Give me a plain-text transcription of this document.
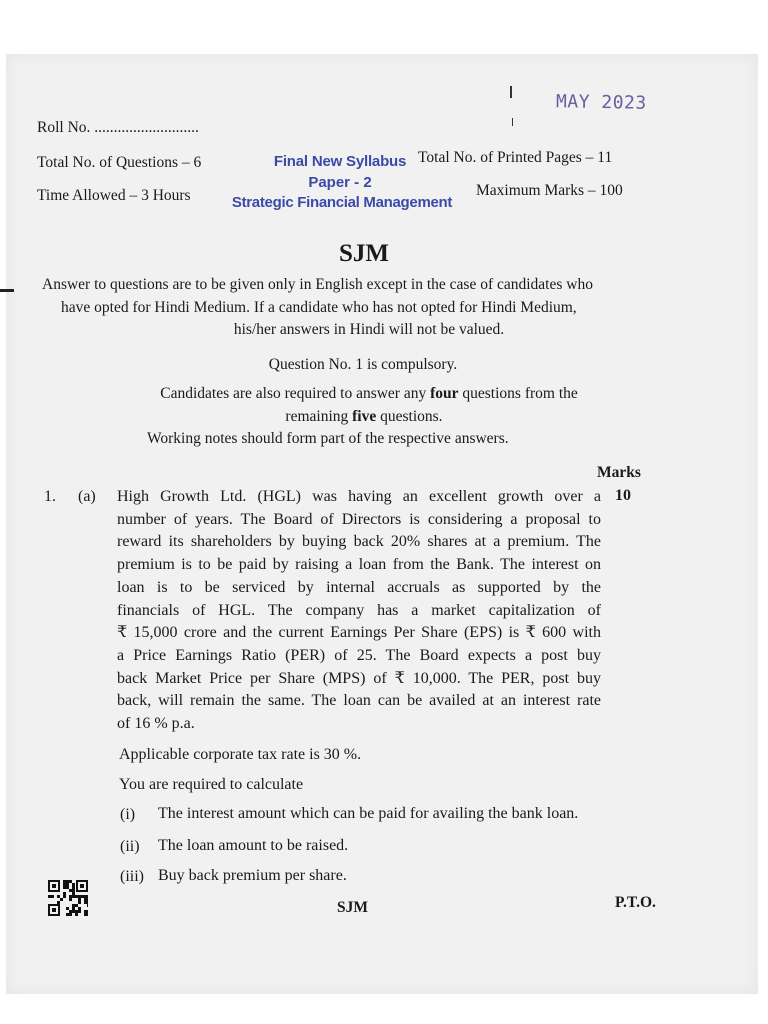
MAY 2023
Roll No. ...........................
Total No. of Questions – 6
Time Allowed – 3 Hours
Final New Syllabus
Paper - 2
Strategic Financial Management
Total No. of Printed Pages – 11
Maximum Marks – 100
SJM
Answer to questions are to be given only in English except in the case of candidates who
have opted for Hindi Medium. If a candidate who has not opted for Hindi Medium,
his/her answers in Hindi will not be valued.
Question No. 1 is compulsory.
Candidates are also required to answer any four questions from the
remaining five questions.
Working notes should form part of the respective answers.
Marks
1. (a)	10
High Growth Ltd. (HGL) was having an excellent growth over a
number of years. The Board of Directors is considering a proposal to
reward its shareholders by buying back 20% shares at a premium. The
premium is to be paid by raising a loan from the Bank. The interest on
loan is to be serviced by internal accruals as supported by the
financials of HGL. The company has a market capitalization of
₹ 15,000 crore and the current Earnings Per Share (EPS) is ₹ 600 with
a Price Earnings Ratio (PER) of 25. The Board expects a post buy
back Market Price per Share (MPS) of ₹ 10,000. The PER, post buy
back, will remain the same. The loan can be availed at an interest rate
of 16 % p.a.
Applicable corporate tax rate is 30 %.
You are required to calculate
(i) The interest amount which can be paid for availing the bank loan.
(ii) The loan amount to be raised.
(iii) Buy back premium per share.
SJM	P.T.O.
